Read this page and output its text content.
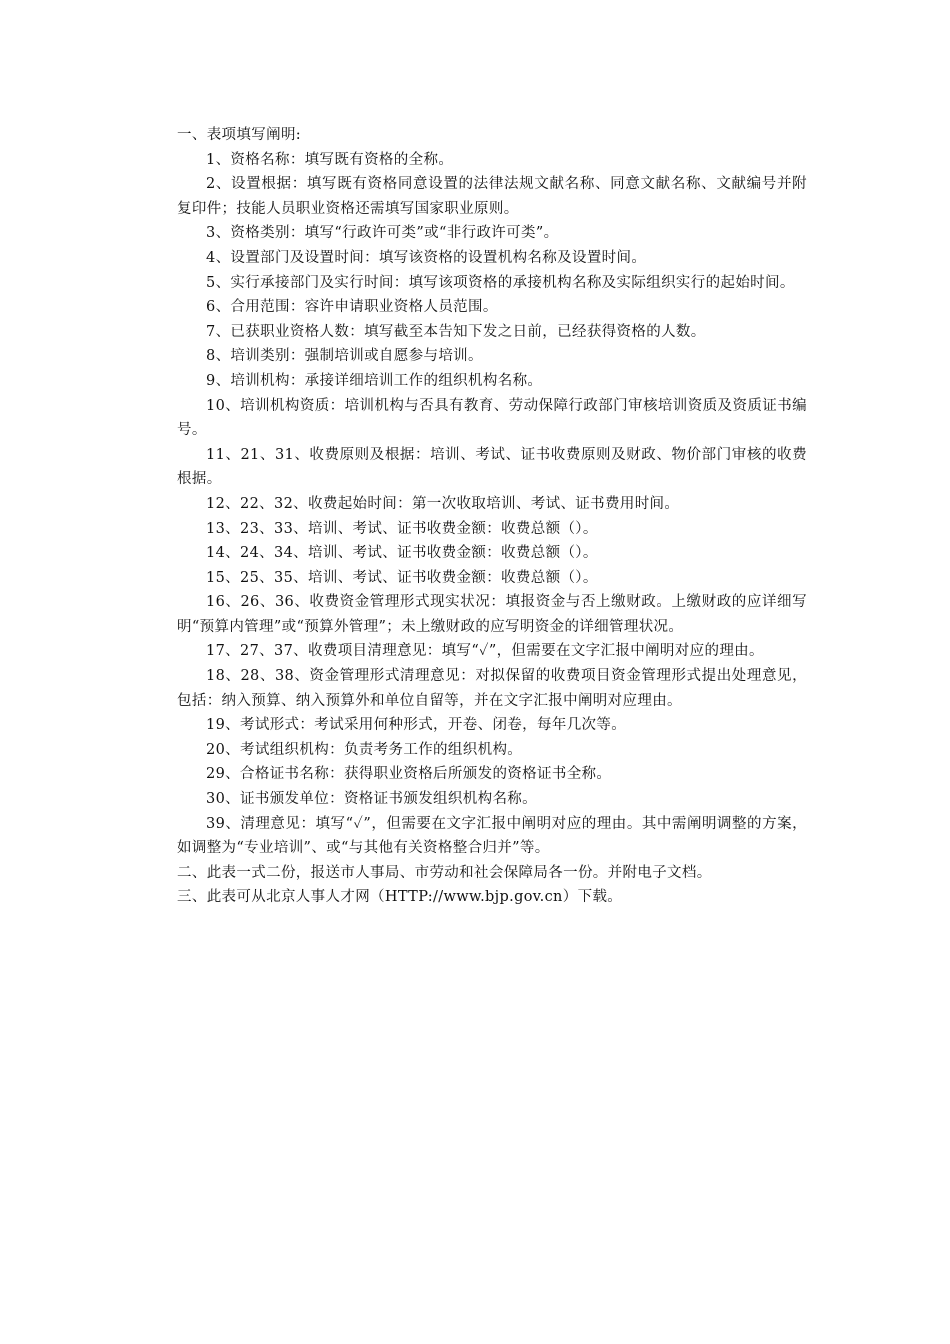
一、表项填写阐明:

1、资格名称：填写既有资格的全称。

2、设置根据：填写既有资格同意设置的法律法规文献名称、同意文献名称、文献编号并附复印件；技能人员职业资格还需填写国家职业原则。

3、资格类别：填写“行政许可类”或“非行政许可类”。

4、设置部门及设置时间：填写该资格的设置机构名称及设置时间。

5、实行承接部门及实行时间：填写该项资格的承接机构名称及实际组织实行的起始时间。

6、合用范围：容许申请职业资格人员范围。

7、已获职业资格人数：填写截至本告知下发之日前，已经获得资格的人数。

8、培训类别：强制培训或自愿参与培训。

9、培训机构：承接详细培训工作的组织机构名称。

10、培训机构资质：培训机构与否具有教育、劳动保障行政部门审核培训资质及资质证书编号。

11、21、31、收费原则及根据：培训、考试、证书收费原则及财政、物价部门审核的收费根据。

12、22、32、收费起始时间：第一次收取培训、考试、证书费用时间。

13、23、33、培训、考试、证书收费金额：收费总额（）。

14、24、34、培训、考试、证书收费金额：收费总额（）。

15、25、35、培训、考试、证书收费金额：收费总额（）。

16、26、36、收费资金管理形式现实状况：填报资金与否上缴财政。上缴财政的应详细写明“预算内管理”或“预算外管理”；未上缴财政的应写明资金的详细管理状况。

17、27、37、收费项目清理意见：填写“✓”，但需要在文字汇报中阐明对应的理由。

18、28、38、资金管理形式清理意见：对拟保留的收费项目资金管理形式提出处理意见，包括：纳入预算、纳入预算外和单位自留等，并在文字汇报中阐明对应理由。

19、考试形式：考试采用何种形式，开卷、闭卷，每年几次等。

20、考试组织机构：负责考务工作的组织机构。

29、合格证书名称：获得职业资格后所颁发的资格证书全称。

30、证书颁发单位：资格证书颁发组织机构名称。

39、清理意见：填写“✓”，但需要在文字汇报中阐明对应的理由。其中需阐明调整的方案，如调整为“专业培训”、或“与其他有关资格整合归并”等。

二、此表一式二份，报送市人事局、市劳动和社会保障局各一份。并附电子文档。

三、此表可从北京人事人才网（HTTP://www.bjp.gov.cn）下载。
